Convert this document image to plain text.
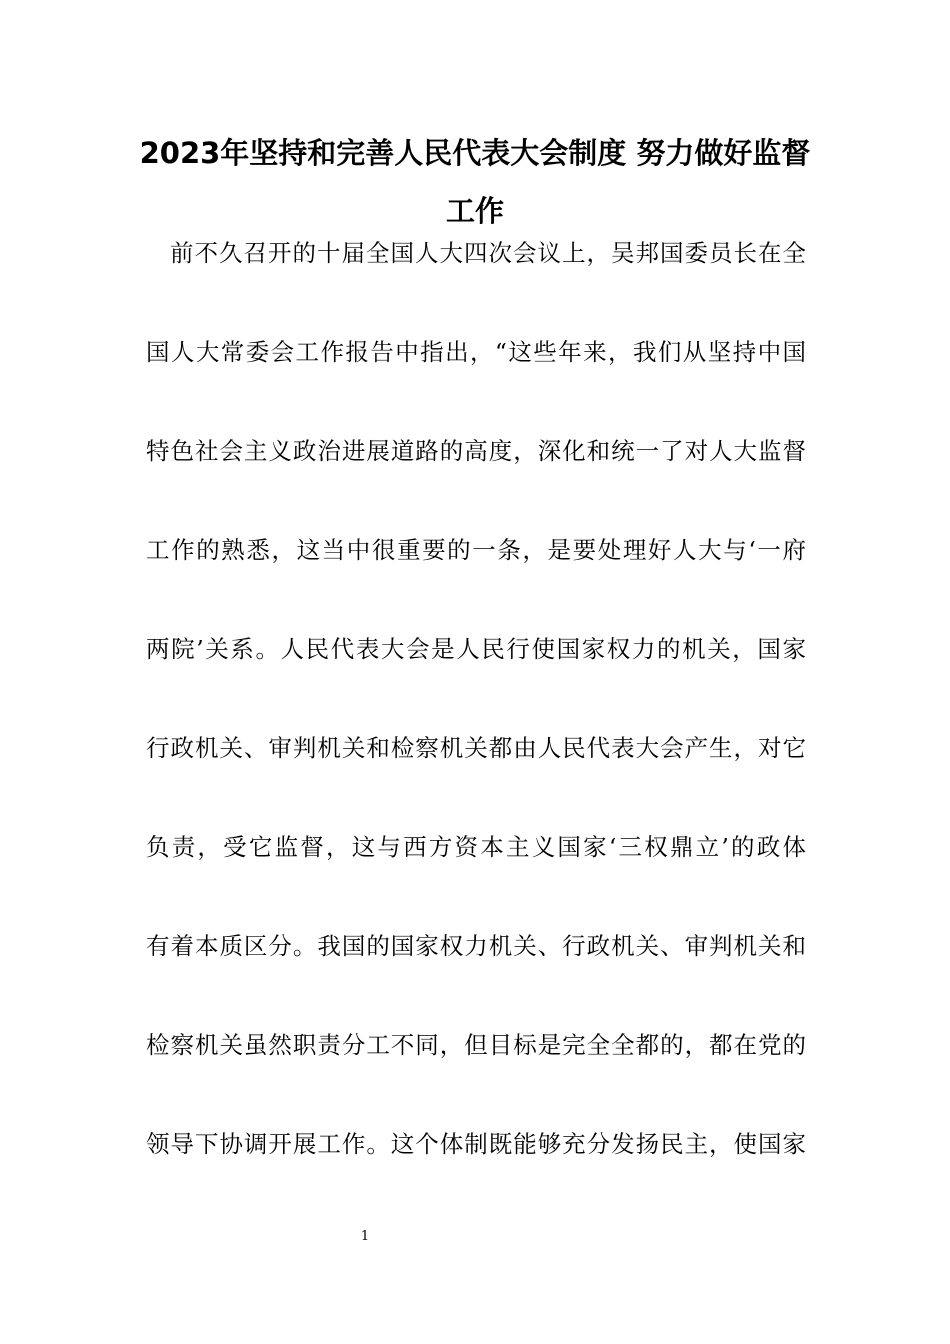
2023年坚持和完善人民代表大会制度 努力做好监督
工作

前不久召开的十届全国人大四次会议上，吴邦国委员长在全

国人大常委会工作报告中指出，“这些年来，我们从坚持中国

特色社会主义政治进展道路的高度，深化和统一了对人大监督

工作的熟悉，这当中很重要的一条，是要处理好人大与‘一府

两院’关系。人民代表大会是人民行使国家权力的机关，国家

行政机关、审判机关和检察机关都由人民代表大会产生，对它

负责，受它监督，这与西方资本主义国家‘三权鼎立’的政体

有着本质区分。我国的国家权力机关、行政机关、审判机关和

检察机关虽然职责分工不同，但目标是完全全都的，都在党的

领导下协调开展工作。这个体制既能够充分发扬民主，使国家

1
